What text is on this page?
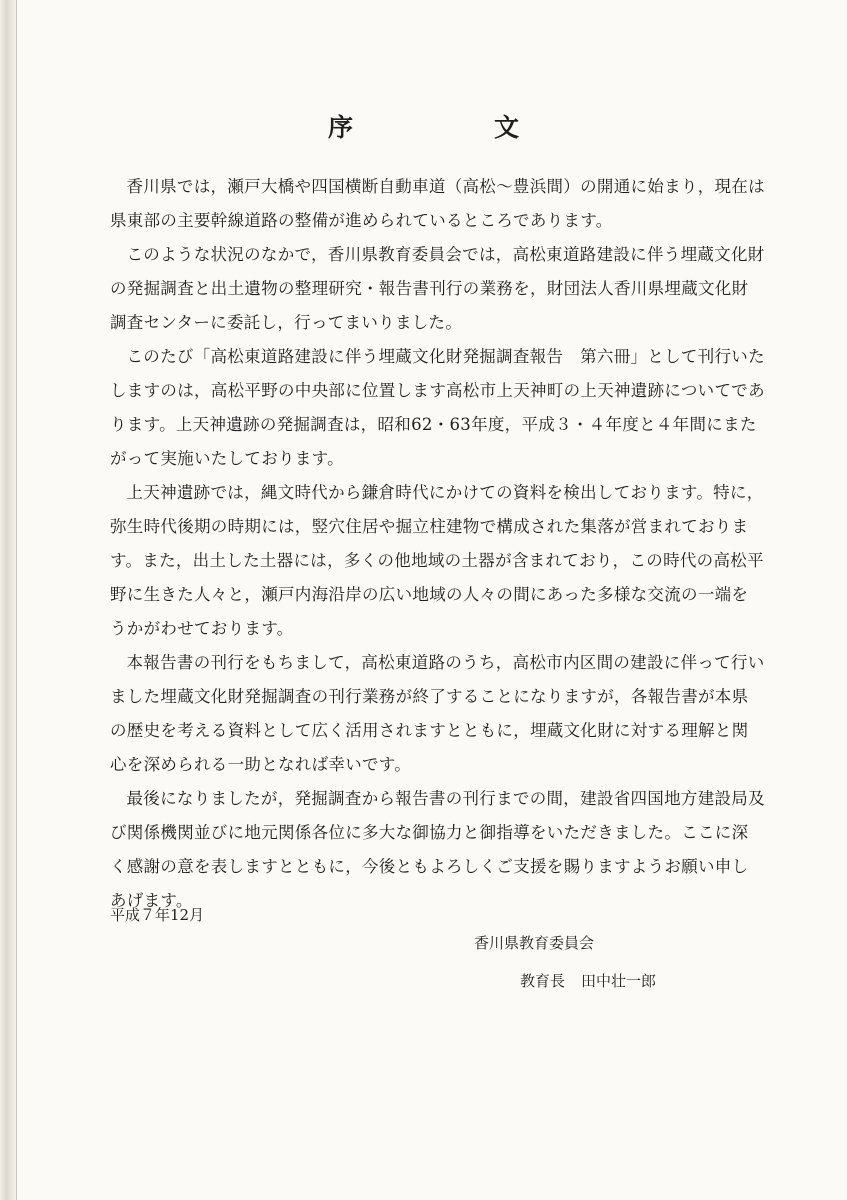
序　文

香川県では，瀬戸大橋や四国横断自動車道（高松〜豊浜間）の開通に始まり，現在は県東部の主要幹線道路の整備が進められているところであります。

このような状況のなかで，香川県教育委員会では，高松東道路建設に伴う埋蔵文化財の発掘調査と出土遺物の整理研究・報告書刊行の業務を，財団法人香川県埋蔵文化財調査センターに委託し，行ってまいりました。

このたび「高松東道路建設に伴う埋蔵文化財発掘調査報告　第六冊」として刊行いたしますのは，高松平野の中央部に位置します高松市上天神町の上天神遺跡についてであります。上天神遺跡の発掘調査は，昭和62・63年度，平成３・４年度と４年間にまたがって実施いたしております。

上天神遺跡では，縄文時代から鎌倉時代にかけての資料を検出しております。特に，弥生時代後期の時期には，竪穴住居や掘立柱建物で構成された集落が営まれております。また，出土した土器には，多くの他地域の土器が含まれており，この時代の高松平野に生きた人々と，瀬戸内海沿岸の広い地域の人々の間にあった多様な交流の一端をうかがわせております。

本報告書の刊行をもちまして，高松東道路のうち，高松市内区間の建設に伴って行いました埋蔵文化財発掘調査の刊行業務が終了することになりますが，各報告書が本県の歴史を考える資料として広く活用されますとともに，埋蔵文化財に対する理解と関心を深められる一助となれば幸いです。

最後になりましたが，発掘調査から報告書の刊行までの間，建設省四国地方建設局及び関係機関並びに地元関係各位に多大な御協力と御指導をいただきました。ここに深く感謝の意を表しますとともに，今後ともよろしくご支援を賜りますようお願い申しあげます。

平成７年12月

香川県教育委員会

教育長 田中壮一郎
